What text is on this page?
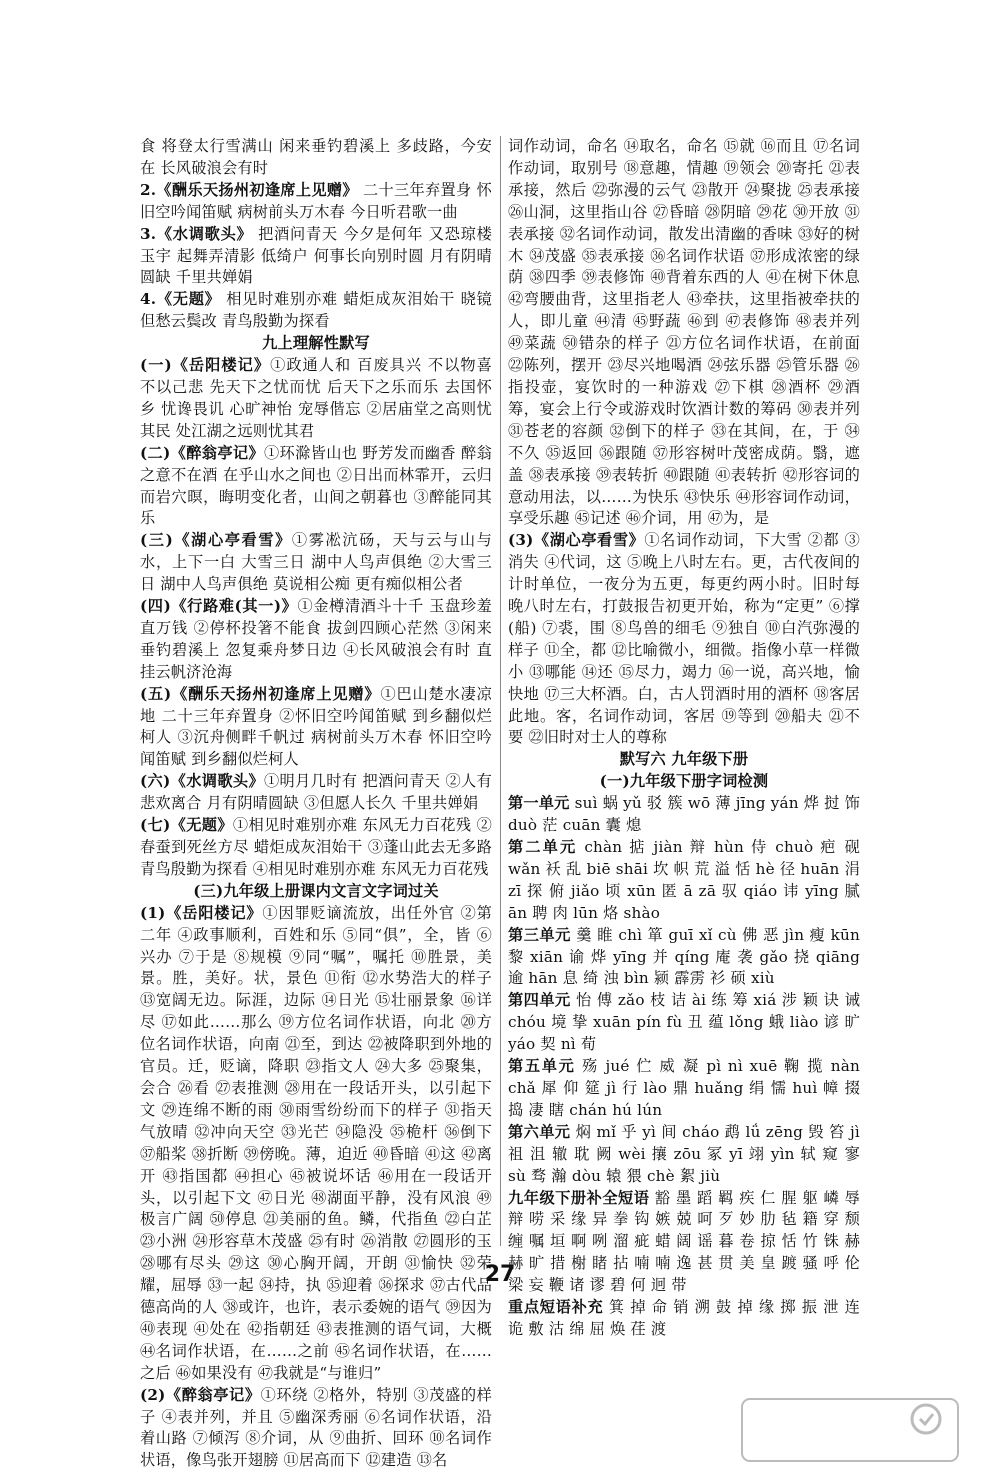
食 将登太行雪满山 闲来垂钓碧溪上 多歧路，今安在 长风破浪会有时

2.《酬乐天扬州初逢席上见赠》 二十三年弃置身 怀旧空吟闻笛赋 病树前头万木春 今日听君歌一曲

3.《水调歌头》 把酒问青天 今夕是何年 又恐琼楼玉宇 起舞弄清影 低绮户 何事长向别时圆 月有阴晴圆缺 千里共婵娟

4.《无题》 相见时难别亦难 蜡炬成灰泪始干 晓镜但愁云鬓改 青鸟殷勤为探看

九上理解性默写

(一)《岳阳楼记》①政通人和 百废具兴 不以物喜 不以己悲 先天下之忧而忧 后天下之乐而乐 去国怀乡 忧谗畏讥 心旷神怡 宠辱偕忘 ②居庙堂之高则忧其民 处江湖之远则忧其君

(二)《醉翁亭记》①环滁皆山也 野芳发而幽香 醉翁之意不在酒 在乎山水之间也 ②日出而林霏开，云归而岩穴暝，晦明变化者，山间之朝暮也 ③醉能同其乐

(三)《湖心亭看雪》①雾凇沆砀，天与云与山与水，上下一白 大雪三日 湖中人鸟声俱绝 ②大雪三日 湖中人鸟声俱绝 莫说相公痴 更有痴似相公者

(四)《行路难(其一)》①金樽清酒斗十千 玉盘珍羞直万钱 ②停杯投箸不能食 拔剑四顾心茫然 ③闲来垂钓碧溪上 忽复乘舟梦日边 ④长风破浪会有时 直挂云帆济沧海

(五)《酬乐天扬州初逢席上见赠》①巴山楚水凄凉地 二十三年弃置身 ②怀旧空吟闻笛赋 到乡翻似烂柯人 ③沉舟侧畔千帆过 病树前头万木春 怀旧空吟闻笛赋 到乡翻似烂柯人

(六)《水调歌头》①明月几时有 把酒问青天 ②人有悲欢离合 月有阴晴圆缺 ③但愿人长久 千里共婵娟

(七)《无题》①相见时难别亦难 东风无力百花残 ②春蚕到死丝方尽 蜡炬成灰泪始干 ③蓬山此去无多路 青鸟殷勤为探看 ④相见时难别亦难 东风无力百花残

(三)九年级上册课内文言文字词过关

(1)《岳阳楼记》①因罪贬谪流放，出任外官 ②第二年 ④政事顺利，百姓和乐 ⑤同“俱”，全，皆 ⑥兴办 ⑦于是 ⑧规模 ⑨同“嘱”，嘱托 ⑩胜景，美景。胜，美好。状，景色 ⑪衔 ⑫水势浩大的样子 ⑬宽阔无边。际涯，边际 ⑭日光 ⑮壮丽景象 ⑯详尽 ⑰如此……那么 ⑲方位名词作状语，向北 ⑳方位名词作状语，向南 ㉑至，到达 ㉒被降职到外地的官员。迁，贬谪，降职 ㉓指文人 ㉔大多 ㉕聚集，会合 ㉖看 ㉗表推测 ㉘用在一段话开头，以引起下文 ㉙连绵不断的雨 ㉚雨雪纷纷而下的样子 ㉛指天气放晴 ㉜冲向天空 ㉝光芒 ㉞隐没 ㉟桅杆 ㊱倒下 ㊲船桨 ㊳折断 ㊴傍晚。薄，迫近 ㊵昏暗 ㊶这 ㊷离开 ㊸指国都 ㊹担心 ㊺被说坏话 ㊻用在一段话开头，以引起下文 ㊼日光 ㊽湖面平静，没有风浪 ㊾极言广阔 ㊿停息 ㉑美丽的鱼。鳞，代指鱼 ㉒白芷 ㉓小洲 ㉔形容草木茂盛 ㉕有时 ㉖消散 ㉗圆形的玉 ㉘哪有尽头 ㉙这 ㉚心胸开阔，开朗 ㉛愉快 ㉜荣耀，屈辱 ㉝一起 ㉞持，执 ㉟迎着 ㊱探求 ㊲古代品德高尚的人 ㊳或许，也许，表示委婉的语气 ㊴因为 ㊵表现 ㊶处在 ㊷指朝廷 ㊸表推测的语气词，大概 ㊹名词作状语，在……之前 ㊺名词作状语，在……之后 ㊻如果没有 ㊼我就是“与谁归”

(2)《醉翁亭记》①环绕 ②格外，特别 ③茂盛的样子 ④表并列，并且 ⑤幽深秀丽 ⑥名词作状语，沿着山路 ⑦倾泻 ⑧介词，从 ⑨曲折、回环 ⑩名词作状语，像鸟张开翅膀 ⑪居高而下 ⑫建造 ⑬名

词作动词，命名 ⑭取名，命名 ⑮就 ⑯而且 ⑰名词作动词，取别号 ⑱意趣，情趣 ⑲领会 ⑳寄托 ㉑表承接，然后 ㉒弥漫的云气 ㉓散开 ㉔聚拢 ㉕表承接 ㉖山洞，这里指山谷 ㉗昏暗 ㉘阴暗 ㉙花 ㉚开放 ㉛表承接 ㉜名词作动词，散发出清幽的香味 ㉝好的树木 ㉞茂盛 ㉟表承接 ㊱名词作状语 ㊲形成浓密的绿荫 ㊳四季 ㊴表修饰 ㊵背着东西的人 ㊶在树下休息 ㊷弯腰曲背，这里指老人 ㊸牵扶，这里指被牵扶的人，即儿童 ㊹清 ㊺野蔬 ㊻到 ㊼表修饰 ㊽表并列 ㊾菜蔬 ㊿错杂的样子 ㉑方位名词作状语，在前面 ㉒陈列，摆开 ㉓尽兴地喝酒 ㉔弦乐器 ㉕管乐器 ㉖指投壶，宴饮时的一种游戏 ㉗下棋 ㉘酒杯 ㉙酒筹，宴会上行令或游戏时饮酒计数的筹码 ㉚表并列 ㉛苍老的容颜 ㉜倒下的样子 ㉝在其间，在，于 ㉞不久 ㉟返回 ㊱跟随 ㊲形容树叶茂密成荫。翳，遮盖 ㊳表承接 ㊴表转折 ㊵跟随 ㊶表转折 ㊷形容词的意动用法，以……为快乐 ㊸快乐 ㊹形容词作动词，享受乐趣 ㊺记述 ㊻介词，用 ㊼为，是

(3)《湖心亭看雪》①名词作动词，下大雪 ②都 ③消失 ④代词，这 ⑤晚上八时左右。更，古代夜间的计时单位，一夜分为五更，每更约两小时。旧时每晚八时左右，打鼓报告初更开始，称为“定更” ⑥撑(船) ⑦裘，围 ⑧鸟兽的细毛 ⑨独自 ⑩白汽弥漫的样子 ⑪全，都 ⑫比喻微小，细微。指像小草一样微小 ⑬哪能 ⑭还 ⑮尽力，竭力 ⑯一说，高兴地，愉快地 ⑰三大杯酒。白，古人罚酒时用的酒杯 ⑱客居此地。客，名词作动词，客居 ⑲等到 ⑳船夫 ㉑不要 ㉒旧时对士人的尊称

默写六 九年级下册

(一)九年级下册字词检测

第一单元 suì 蜗 yǔ 驳 簇 wō 薄 jīng yán 烨 挝 饰 duò 茫 cuān 囊 熄

第二单元 chàn 掂 jiàn 辩 hùn 侍 chuò 疤 砚 wǎn 袄 乱 biē shāi 坎 帜 荒 溢 恬 hè 径 huān 涓 zī 探 俯 jiǎo 顷 xūn 匿 ā zā 驭 qiáo 讳 yīng 腻 ān 聘 肉 lūn 烙 shào

第三单元 羹 睢 chì 箪 guī xǐ cù 佛 恶 jìn 瘦 kūn 黎 xiān 谕 烨 yīng 并 qíng 庵 袭 gǎo 挠 qiāng 逾 hān 息 绮 浊 bìn 颍 霹雳 衫 硕 xiù

第四单元 怡 傅 zǎo 枝 诘 ài 练 筹 xiá 涉 颖 诀 诫 chóu 境 挚 xuān pín fù 丑 蕴 lǒng 蛾 liào 谚 旷 yáo 契 nì 荀

第五单元 殇 jué 伫 威 凝 pì nì xuē 鞠 揽 nàn chǎ 犀 仰 筵 jì 行 lào 鼎 huǎng 绢 懦 huì 幛 掇 捣 凄 瞎 chán hú lún

第六单元 焖 mǐ 乎 yì 间 cháo 鹉 lǘ zēng 毁 笞 jì 祖 沮 辙 耽 阙 wèi 攘 zōu 冢 yī 翊 yìn 轼 窥 寥 sù 骛 瀚 dòu 辕 猥 chè 絮 jiù

九年级下册补全短语 豁 墨 蹈 羁 疾 仁 腥 躯 嶙 辱 辩 唠 采 缘 异 拳 钩 嫉 兢 呵 歹 妙 肋 毡 籍 穿 颓 缠 嘱 垣 啊 咧 溜 疵 蜡 阔 谣 暮 卷 掠 恬 竹 铢 赫 赫 旷 措 榭 睹 拈 喃 喃 逸 甚 贯 美 皇 踱 骚 呼 伦 梁 妄 鞭 诸 谬 碧 何 迥 带

重点短语补充 箕 掉 命 销 溯 鼓 掉 缘 掷 振 泄 连 诡 敷 沽 绵 屈 焕 荏 渡

27
